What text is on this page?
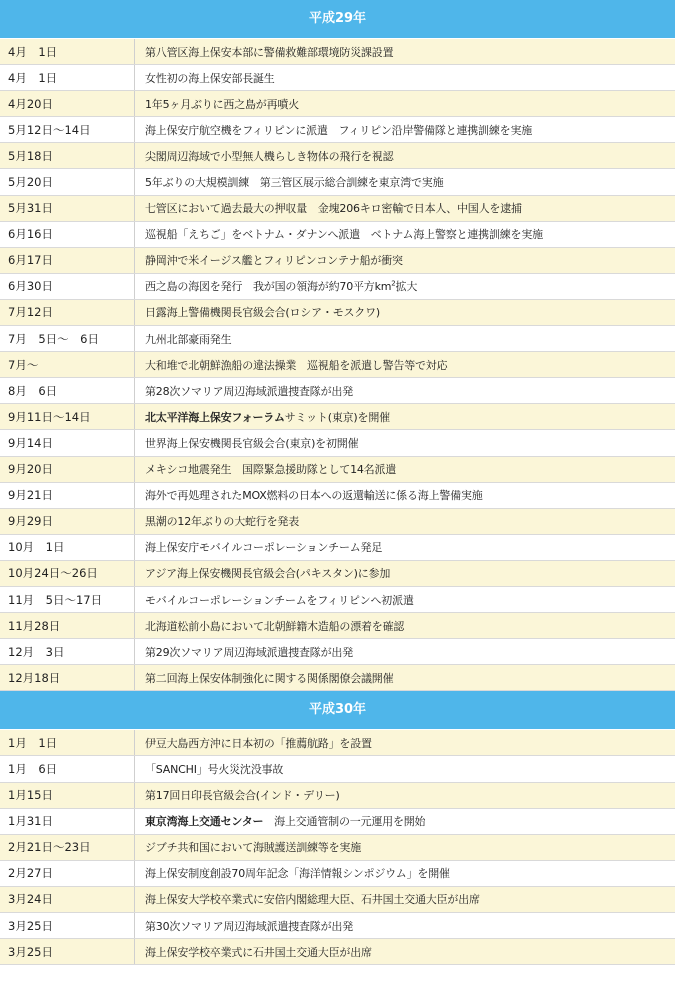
平成29年
4月　1日	第八管区海上保安本部に警備救難部環境防災課設置
4月　1日	女性初の海上保安部長誕生
4月20日	1年5ヶ月ぶりに西之島が再噴火
5月12日～14日	海上保安庁航空機をフィリピンに派遣　フィリピン沿岸警備隊と連携訓練を実施
5月18日	尖閣周辺海域で小型無人機らしき物体の飛行を視認
5月20日	5年ぶりの大規模訓練　第三管区展示総合訓練を東京湾で実施
5月31日	七管区において過去最大の押収量　金塊206キロ密輸で日本人、中国人を逮捕
6月16日	巡視船「えちご」をベトナム・ダナンへ派遣　ベトナム海上警察と連携訓練を実施
6月17日	静岡沖で米イージス艦とフィリピンコンテナ船が衝突
6月30日	西之島の海図を発行　我が国の領海が約70平方$km^2$拡大
7月12日	日露海上警備機関長官級会合(ロシア・モスクワ)
7月　5日～　6日	九州北部豪雨発生
7月～	大和堆で北朝鮮漁船の違法操業　巡視船を派遣し警告等で対応
8月　6日	第28次ソマリア周辺海域派遣捜査隊が出発
9月11日～14日	北太平洋海上保安フォーラムサミット(東京)を開催
9月14日	世界海上保安機関長官級会合(東京)を初開催
9月20日	メキシコ地震発生　国際緊急援助隊として14名派遣
9月21日	海外で再処理されたMOX燃料の日本への返還輸送に係る海上警備実施
9月29日	黒潮の12年ぶりの大蛇行を発表
10月　1日	海上保安庁モバイルコーポレーションチーム発足
10月24日～26日	アジア海上保安機関長官級会合(パキスタン)に参加
11月　5日～17日	モバイルコーポレーションチームをフィリピンへ初派遣
11月28日	北海道松前小島において北朝鮮籍木造船の漂着を確認
12月　3日	第29次ソマリア周辺海域派遣捜査隊が出発
12月18日	第二回海上保安体制強化に関する関係閣僚会議開催
平成30年
1月　1日	伊豆大島西方沖に日本初の「推薦航路」を設置
1月　6日	「SANCHI」号火災沈没事故
1月15日	第17回日印長官級会合(インド・デリー)
1月31日	東京湾海上交通センター　海上交通管制の一元運用を開始
2月21日～23日	ジブチ共和国において海賊護送訓練等を実施
2月27日	海上保安制度創設70周年記念「海洋情報シンポジウム」を開催
3月24日	海上保安大学校卒業式に安倍内閣総理大臣、石井国土交通大臣が出席
3月25日	第30次ソマリア周辺海域派遣捜査隊が出発
3月25日	海上保安学校卒業式に石井国土交通大臣が出席
